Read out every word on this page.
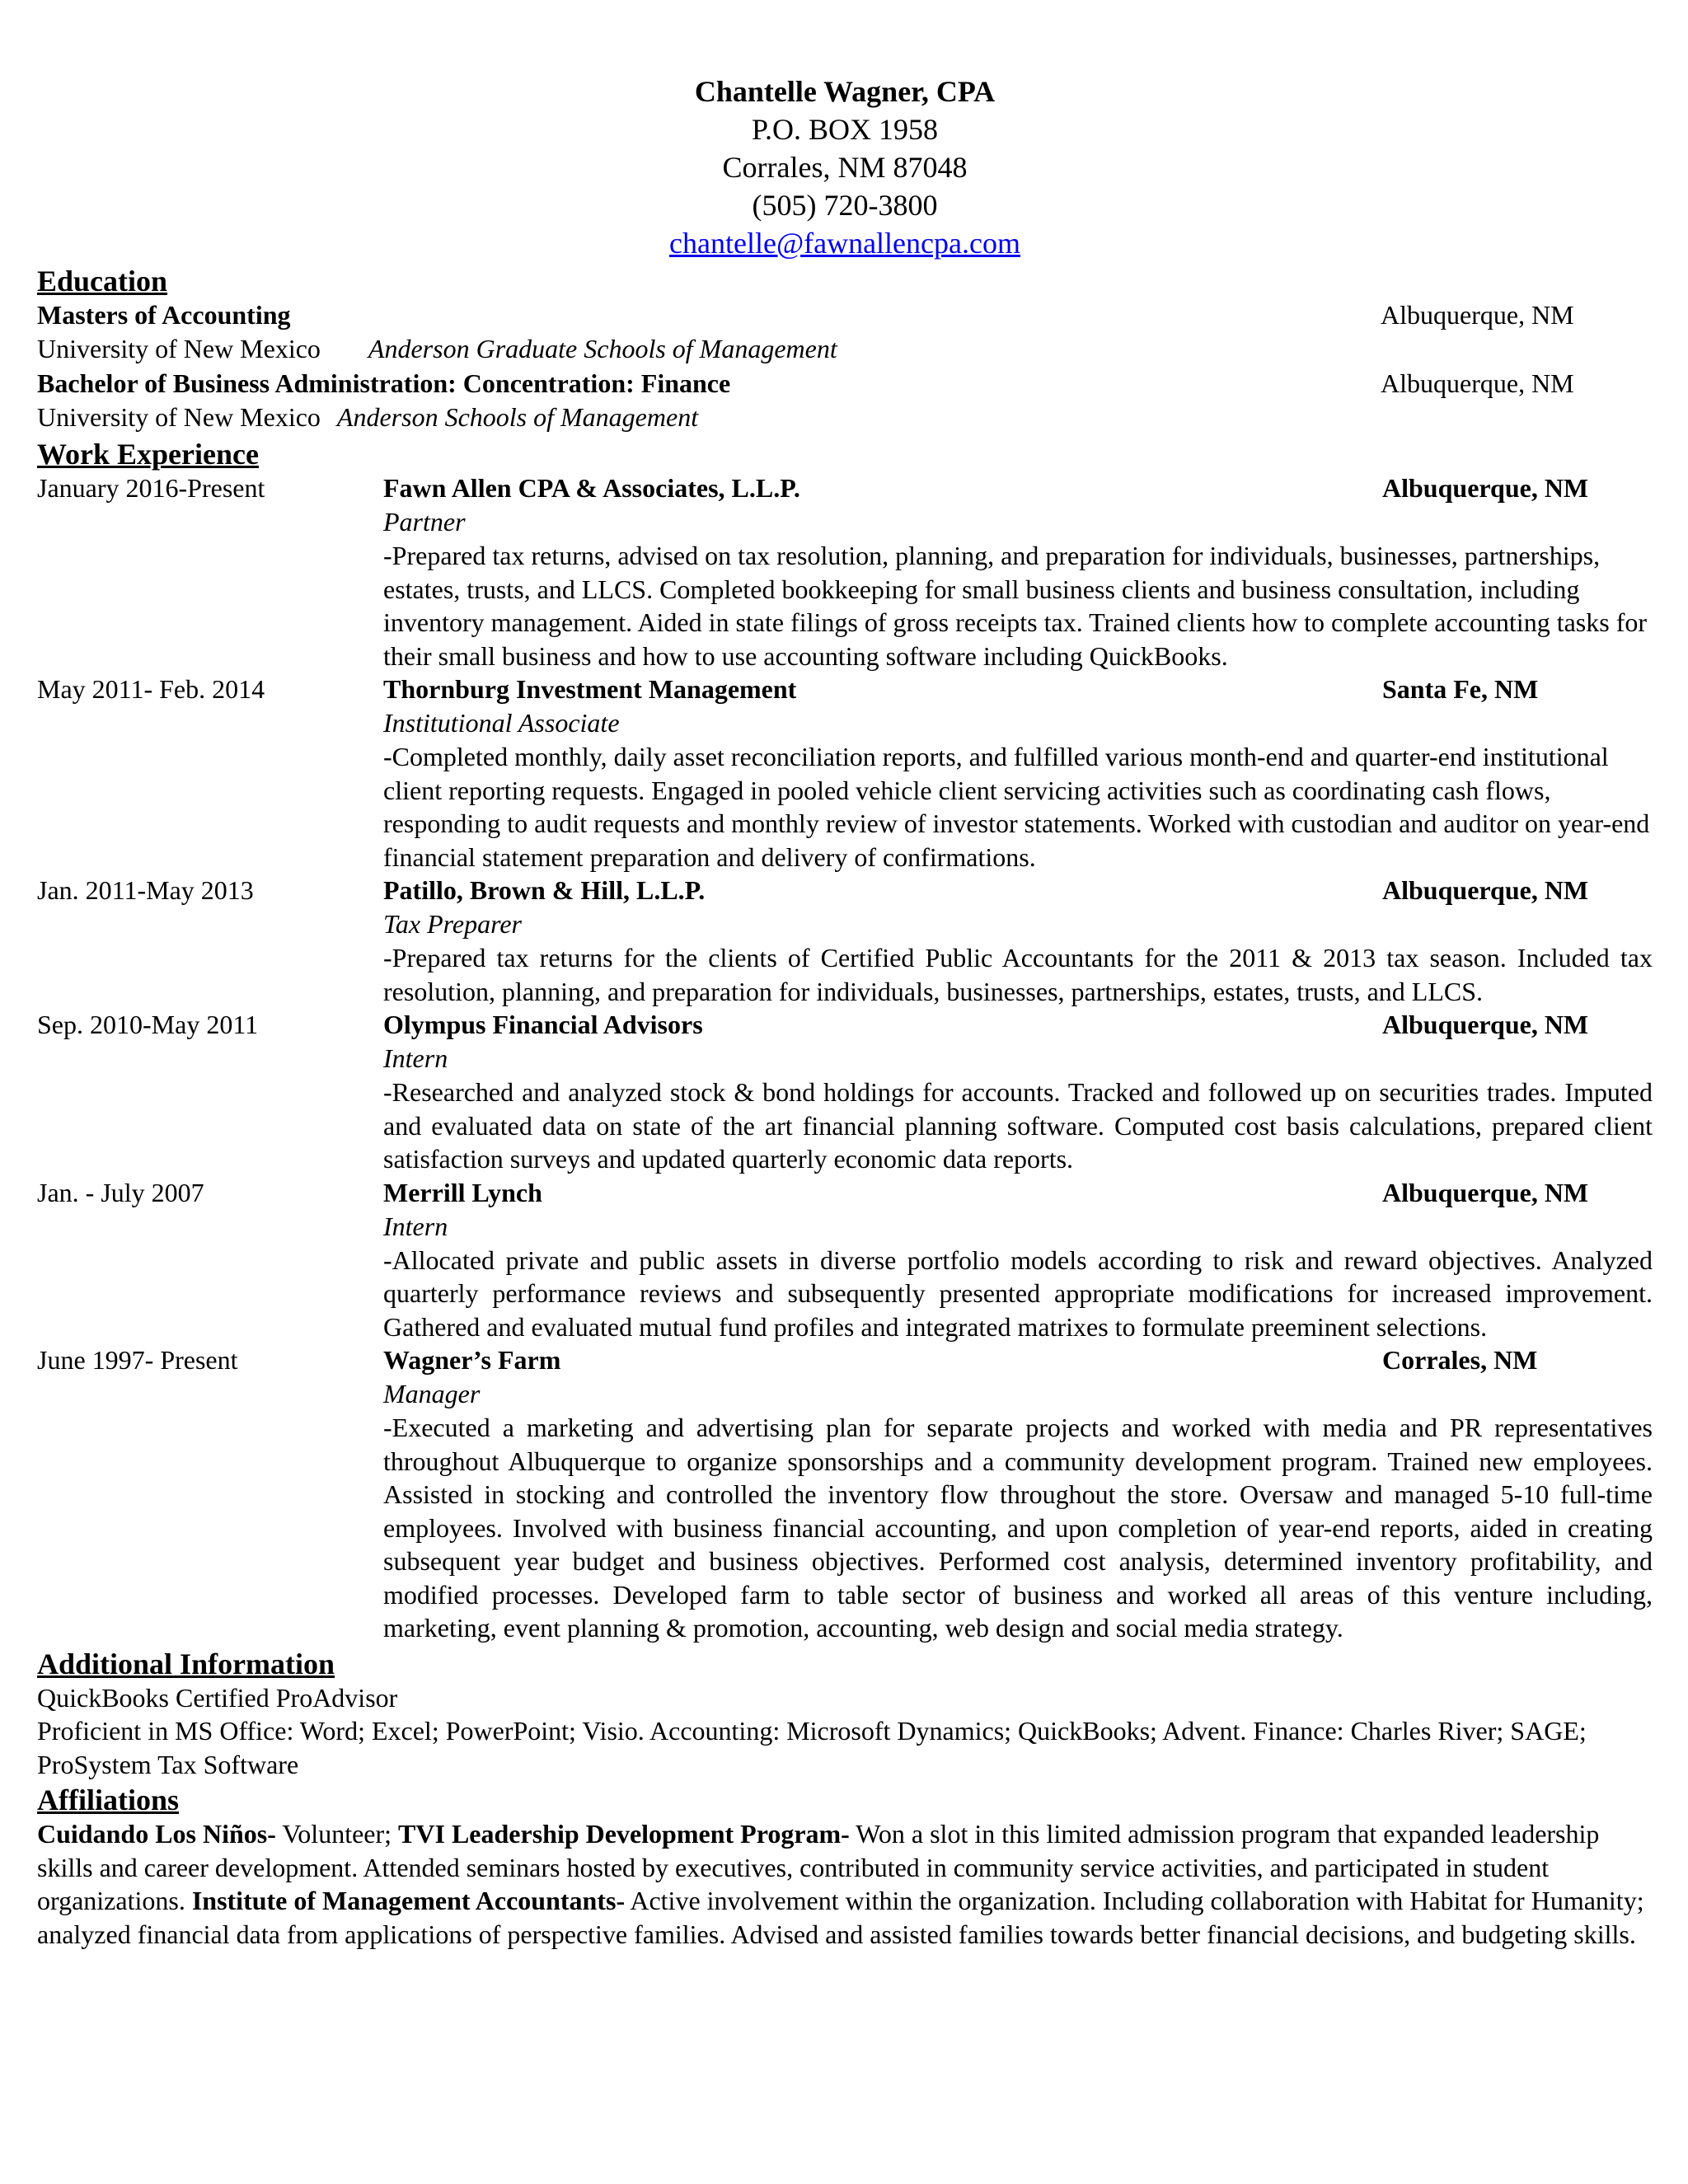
Chantelle Wagner, CPA
P.O. BOX 1958
Corrales, NM 87048
(505) 720-3800
chantelle@fawnallencpa.com
Education
Masters of Accounting	Albuquerque, NM
University of New Mexico Anderson Graduate Schools of Management
Bachelor of Business Administration: Concentration: Finance	Albuquerque, NM
University of New Mexico Anderson Schools of Management
Work Experience
January 2016-Present	Fawn Allen CPA & Associates, L.L.P.	Albuquerque, NM
Partner
-Prepared tax returns, advised on tax resolution, planning, and preparation for individuals, businesses, partnerships, estates, trusts, and LLCS. Completed bookkeeping for small business clients and business consultation, including inventory management. Aided in state filings of gross receipts tax. Trained clients how to complete accounting tasks for their small business and how to use accounting software including QuickBooks.
May 2011- Feb. 2014	Thornburg Investment Management	Santa Fe, NM
Institutional Associate
-Completed monthly, daily asset reconciliation reports, and fulfilled various month-end and quarter-end institutional client reporting requests. Engaged in pooled vehicle client servicing activities such as coordinating cash flows, responding to audit requests and monthly review of investor statements. Worked with custodian and auditor on year-end financial statement preparation and delivery of confirmations.
Jan. 2011-May 2013	Patillo, Brown & Hill, L.L.P.	Albuquerque, NM
Tax Preparer
-Prepared tax returns for the clients of Certified Public Accountants for the 2011 & 2013 tax season. Included tax resolution, planning, and preparation for individuals, businesses, partnerships, estates, trusts, and LLCS.
Sep. 2010-May 2011	Olympus Financial Advisors	Albuquerque, NM
Intern
-Researched and analyzed stock & bond holdings for accounts. Tracked and followed up on securities trades. Imputed and evaluated data on state of the art financial planning software. Computed cost basis calculations, prepared client satisfaction surveys and updated quarterly economic data reports.
Jan. - July 2007	Merrill Lynch	Albuquerque, NM
Intern
-Allocated private and public assets in diverse portfolio models according to risk and reward objectives. Analyzed quarterly performance reviews and subsequently presented appropriate modifications for increased improvement. Gathered and evaluated mutual fund profiles and integrated matrixes to formulate preeminent selections.
June 1997- Present	Wagner’s Farm	Corrales, NM
Manager
-Executed a marketing and advertising plan for separate projects and worked with media and PR representatives throughout Albuquerque to organize sponsorships and a community development program. Trained new employees. Assisted in stocking and controlled the inventory flow throughout the store. Oversaw and managed 5-10 full-time employees. Involved with business financial accounting, and upon completion of year-end reports, aided in creating subsequent year budget and business objectives. Performed cost analysis, determined inventory profitability, and modified processes. Developed farm to table sector of business and worked all areas of this venture including, marketing, event planning & promotion, accounting, web design and social media strategy.
Additional Information
QuickBooks Certified ProAdvisor
Proficient in MS Office: Word; Excel; PowerPoint; Visio. Accounting: Microsoft Dynamics; QuickBooks; Advent. Finance: Charles River; SAGE; ProSystem Tax Software
Affiliations
Cuidando Los Niños- Volunteer; TVI Leadership Development Program- Won a slot in this limited admission program that expanded leadership skills and career development. Attended seminars hosted by executives, contributed in community service activities, and participated in student organizations. Institute of Management Accountants- Active involvement within the organization. Including collaboration with Habitat for Humanity; analyzed financial data from applications of perspective families. Advised and assisted families towards better financial decisions, and budgeting skills.
